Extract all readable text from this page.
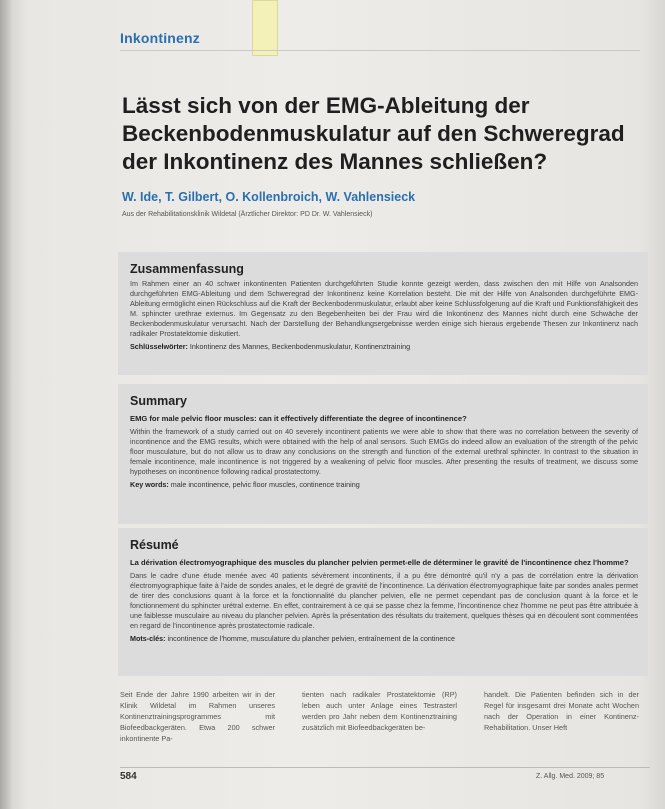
Inkontinenz
Lässt sich von der EMG-Ableitung der Beckenbodenmuskulatur auf den Schweregrad der Inkontinenz des Mannes schließen?
W. Ide, T. Gilbert, O. Kollenbroich, W. Vahlensieck
Aus der Rehabilitationsklinik Wildetal (Ärztlicher Direktor: PD Dr. W. Vahlensieck)
Zusammenfassung

Im Rahmen einer an 40 schwer inkontinenten Patienten durchgeführten Studie konnte gezeigt werden, dass zwischen den mit Hilfe von Analsonden durchgeführten EMG-Ableitung und dem Schweregrad der Inkontinenz keine Korrelation besteht. Die mit der Hilfe von Analsonden durchgeführte EMG-Ableitung ermöglicht einen Rückschluss auf die Kraft der Beckenbodenmuskulatur, erlaubt aber keine Schlussfolgerung auf die Kraft und Funktionsfähigkeit des M. sphincter urethrae externus. Im Gegensatz zu den Begebenheiten bei der Frau wird die Inkontinenz des Mannes nicht durch eine Schwäche der Beckenbodenmuskulatur verursacht. Nach der Darstellung der Behandlungsergebnisse werden einige sich hieraus ergebende Thesen zur Inkontinenz nach radikaler Prostatektomie diskutiert.

Schlüsselwörter: Inkontinenz des Mannes, Beckenbodenmuskulatur, Kontinenztraining

Summary

EMG for male pelvic floor muscles: can it effectively differentiate the degree of incontinence?

Within the framework of a study carried out on 40 severely incontinent patients we were able to show that there was no correlation between the severity of incontinence and the EMG results, which were obtained with the help of anal sensors. Such EMGs do indeed allow an evaluation of the strength of the pelvic floor musculature, but do not allow us to draw any conclusions on the strength and function of the external urethral sphincter. In contrast to the situation in female incontinence, male incontinence is not triggered by a weakening of pelvic floor muscles. After presenting the results of treatment, we discuss some hypotheses on incontinence following radical prostatectomy.

Key words: male incontinence, pelvic floor muscles, continence training

Résumé

La dérivation électromyographique des muscles du plancher pelvien permet-elle de déterminer le gravité de l'incontinence chez l'homme?

Dans le cadre d'une étude menée avec 40 patients sévèrement incontinents, il a pu être démontré qu'il n'y a pas de corrélation entre la dérivation électromyographique faite à l'aide de sondes anales, et le degré de gravité de l'incontinence. La dérivation électromyographique faite par sondes anales permet de tirer des conclusions quant à la force et la fonctionnalité du plancher pelvien, elle ne permet cependant pas de conclusion quant à la force et le fonctionnement du sphincter urétral externe. En effet, contrairement à ce qui se passe chez la femme, l'incontinence chez l'homme ne peut pas être attribuée à une faiblesse musculaire au niveau du plancher pelvien. Après la présentation des résultats du traitement, quelques thèses qui en découlent sont commentées en regard de l'incontinence après prostatectomie radicale.

Mots-clés: incontinence de l'homme, musculature du plancher pelvien, entraînement de la continence

Seit Ende der Jahre 1990 arbeiten wir in der Klinik Wildetal im Rahmen unseres Kontinenztrainingsprogrammes mit Biofeedbackgeräten. Etwa 200 schwer inkontinente Pa-
tienten nach radikaler Prostatektomie (RP) leben auch unter Anlage eines Testrasterl werden pro Jahr neben dem Kontinenztraining zusätzlich mit Biofeedbackgeräten be-
handelt. Die Patienten befinden sich in der Regel für insgesamt drei Monate acht Wochen nach der Operation in einer Kontinenz-Rehabilitation. Unser Heft
584	Z. Allg. Med. 2009; 85
